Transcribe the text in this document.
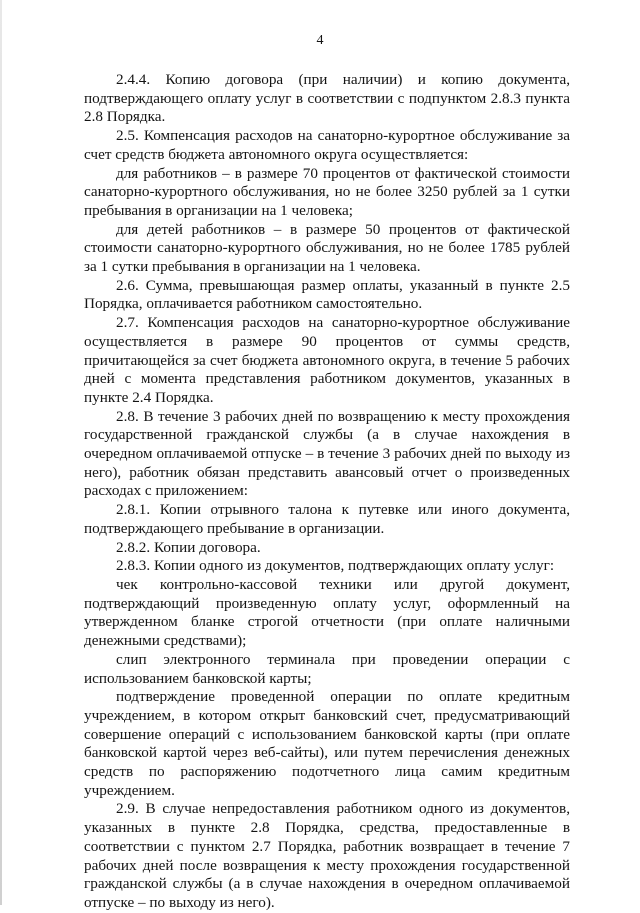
4

2.4.4. Копию договора (при наличии) и копию документа, подтверждающего оплату услуг в соответствии с подпунктом 2.8.3 пункта 2.8 Порядка.

2.5. Компенсация расходов на санаторно-курортное обслуживание за счет средств бюджета автономного округа осуществляется:

для работников – в размере 70 процентов от фактической стоимости санаторно-курортного обслуживания, но не более 3250 рублей за 1 сутки пребывания в организации на 1 человека;

для детей работников – в размере 50 процентов от фактической стоимости санаторно-курортного обслуживания, но не более 1785 рублей за 1 сутки пребывания в организации на 1 человека.

2.6. Сумма, превышающая размер оплаты, указанный в пункте 2.5 Порядка, оплачивается работником самостоятельно.

2.7. Компенсация расходов на санаторно-курортное обслуживание осуществляется в размере 90 процентов от суммы средств, причитающейся за счет бюджета автономного округа, в течение 5 рабочих дней с момента представления работником документов, указанных в пункте 2.4 Порядка.

2.8. В течение 3 рабочих дней по возвращению к месту прохождения государственной гражданской службы (а в случае нахождения в очередном оплачиваемой отпуске – в течение 3 рабочих дней по выходу из него), работник обязан представить авансовый отчет о произведенных расходах с приложением:

2.8.1. Копии отрывного талона к путевке или иного документа, подтверждающего пребывание в организации.

2.8.2. Копии договора.

2.8.3. Копии одного из документов, подтверждающих оплату услуг:

чек контрольно-кассовой техники или другой документ, подтверждающий произведенную оплату услуг, оформленный на утвержденном бланке строгой отчетности (при оплате наличными денежными средствами);

слип электронного терминала при проведении операции с использованием банковской карты;

подтверждение проведенной операции по оплате кредитным учреждением, в котором открыт банковский счет, предусматривающий совершение операций с использованием банковской карты (при оплате банковской картой через веб-сайты), или путем перечисления денежных средств по распоряжению подотчетного лица самим кредитным учреждением.

2.9. В случае непредоставления работником одного из документов, указанных в пункте 2.8 Порядка, средства, предоставленные в соответствии с пунктом 2.7 Порядка, работник возвращает в течение 7 рабочих дней после возвращения к месту прохождения государственной гражданской службы (а в случае нахождения в очередном оплачиваемой отпуске – по выходу из него).
